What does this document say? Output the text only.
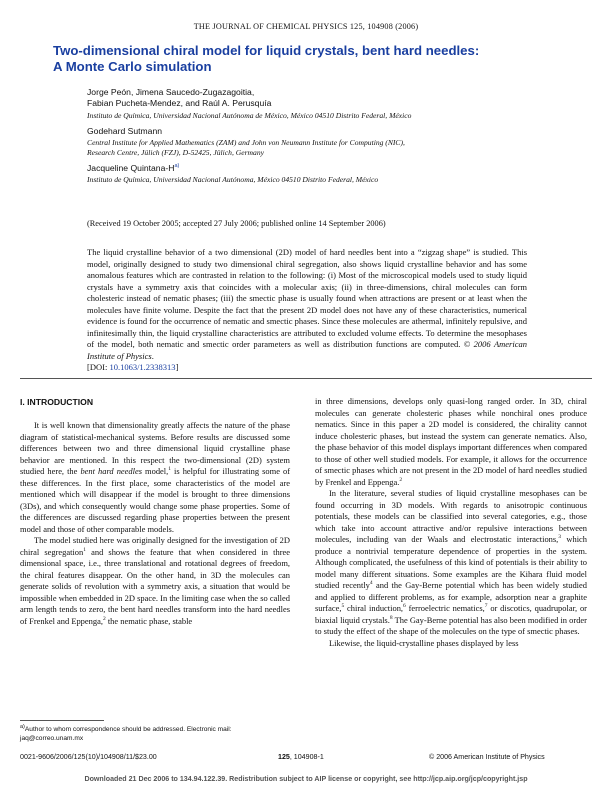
THE JOURNAL OF CHEMICAL PHYSICS 125, 104908 (2006)
Two-dimensional chiral model for liquid crystals, bent hard needles:
A Monte Carlo simulation
Jorge Peón, Jimena Saucedo-Zugazagoitia,
Fabian Pucheta-Mendez, and Raúl A. Perusquía
Instituto de Química, Universidad Nacional Autónoma de México, México 04510 Distrito Federal, México
Godehard Sutmann
Central Institute for Applied Mathematics (ZAM) and John von Neumann Institute for Computing (NIC),
Research Centre, Jülich (FZJ), D-52425, Jülich, Germany
Jacqueline Quintana-$H^{a)}$
Instituto de Química, Universidad Nacional Autónoma, México 04510 Distrito Federal, México
(Received 19 October 2005; accepted 27 July 2006; published online 14 September 2006)
The liquid crystalline behavior of a two dimensional (2D) model of hard needles bent into a “zigzag shape” is studied. This model, originally designed to study two dimensional chiral segregation, also shows liquid crystalline behavior and has some anomalous features which are contrasted in relation to the following: (i) Most of the microscopical models used to study liquid crystals have a symmetry axis that coincides with a molecular axis; (ii) in three-dimensions, chiral molecules can form cholesteric instead of nematic phases; (iii) the smectic phase is usually found when attractions are present or at least when the molecules have finite volume. Despite the fact that the present 2D model does not have any of these characteristics, numerical evidence is found for the occurrence of nematic and smectic phases. Since these molecules are athermal, infinitely repulsive, and infinitesimally thin, the liquid crystalline characteristics are attributed to excluded volume effects. To determine the mesophases of the model, both nematic and smectic order parameters as well as distribution functions are computed. © 2006 American Institute of Physics.
[DOI: 10.1063/1.2338313]
I. INTRODUCTION

It is well known that dimensionality greatly affects the nature of the phase diagram of statistical-mechanical systems. Before results are discussed some differences between two and three dimensional liquid crystalline phase behavior are mentioned. In this respect the two-dimensional (2D) system studied here, the bent hard needles model,$^1$ is helpful for illustrating some of these differences. In the first place, some characteristics of the model are mentioned which will disappear if the model is brought to three dimensions (3Ds), and which consequently would change some phase properties. Some of the differences are discussed regarding phase properties between the present model and those of other comparable models.

The model studied here was originally designed for the investigation of 2D chiral segregation$^1$ and shows the feature that when considered in three dimensional space, i.e., three translational and rotational degrees of freedom, the chiral features disappear. On the other hand, in 3D the molecules can generate solids of revolution with a symmetry axis, a situation that would be impossible when embedded in 2D space. In the limiting case when the so called arm length tends to zero, the bent hard needles transform into the hard needles of Frenkel and Eppenga,$^2$ the nematic phase, stable

in three dimensions, develops only quasi-long ranged order. In 3D, chiral molecules can generate cholesteric phases while nonchiral ones produce nematics. Since in this paper a 2D model is considered, the chirality cannot induce cholesteric phases, but instead the system can generate nematics. Also, the phase behavior of this model displays important differences when compared to those of other well studied models. For example, it allows for the occurrence of smectic phases which are not present in the 2D model of hard needles studied by Frenkel and Eppenga.$^2$

In the literature, several studies of liquid crystalline mesophases can be found occurring in 3D models. With regards to anisotropic continuous potentials, these models can be classified into several categories, e.g., those which take into account attractive and/or repulsive interactions between molecules, including van der Waals and electrostatic interactions,$^3$ which produce a nontrivial temperature dependence of properties in the system. Although complicated, the usefulness of this kind of potentials is their ability to model many different situations. Some examples are the Kihara fluid model studied recently$^4$ and the Gay-Berne potential which has been widely studied and applied to different problems, as for example, adsorption near a graphite surface,$^5$ chiral induction,$^6$ ferroelectric nematics,$^7$ or discotics, quadrupolar, or biaxial liquid crystals.$^8$ The Gay-Berne potential has also been modified in order to study the effect of the shape of the molecules on the type of smectic phases.

Likewise, the liquid-crystalline phases displayed by less

$^{a)}$Author to whom correspondence should be addressed. Electronic mail: jaq@correo.unam.mx
0021-9606/2006/125(10)/104908/11/$23.00	125, 104908-1	© 2006 American Institute of Physics
Downloaded 21 Dec 2006 to 134.94.122.39. Redistribution subject to AIP license or copyright, see http://jcp.aip.org/jcp/copyright.jsp
